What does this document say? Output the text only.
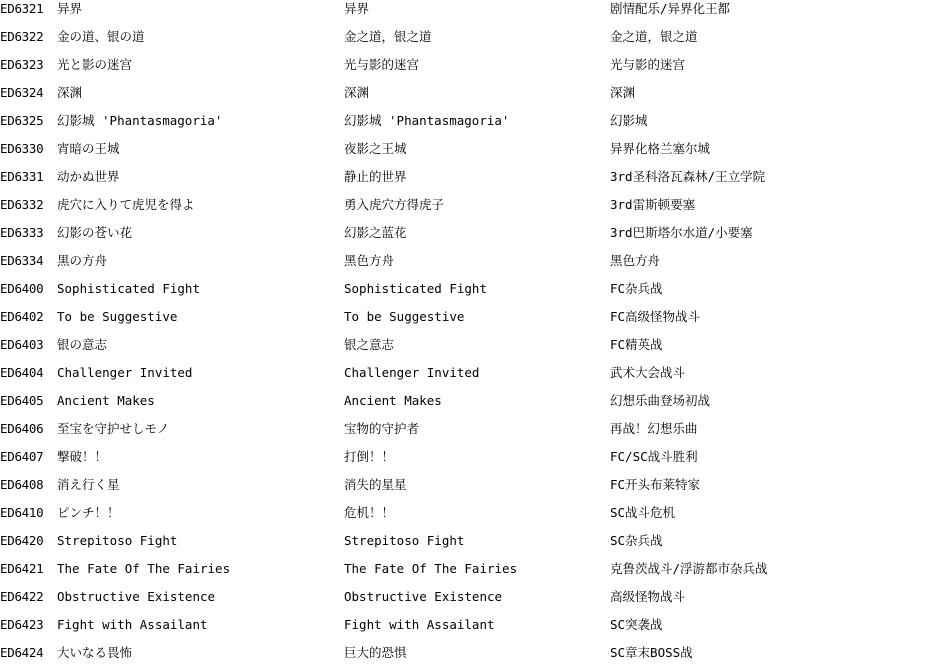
ED6321	异界	异界	剧情配乐/异界化王都
ED6322	金の道、银の道	金之道，银之道	金之道，银之道
ED6323	光と影の迷宫	光与影的迷宫	光与影的迷宫
ED6324	深渊	深渊	深渊
ED6325	幻影城 'Phantasmagoria'	幻影城 'Phantasmagoria'	幻影城
ED6330	宵暗の王城	夜影之王城	异界化格兰塞尔城
ED6331	动かぬ世界	静止的世界	3rd圣科洛瓦森林/王立学院
ED6332	虎穴に入りて虎児を得よ	勇入虎穴方得虎子	3rd雷斯顿要塞
ED6333	幻影の苍い花	幻影之蓝花	3rd巴斯塔尔水道/小要塞
ED6334	黒の方舟	黑色方舟	黑色方舟
ED6400	Sophisticated Fight	Sophisticated Fight	FC杂兵战
ED6402	To be Suggestive	To be Suggestive	FC高级怪物战斗
ED6403	银の意志	银之意志	FC精英战
ED6404	Challenger Invited	Challenger Invited	武术大会战斗
ED6405	Ancient Makes	Ancient Makes	幻想乐曲登场初战
ED6406	至宝を守护せしモノ	宝物的守护者	再战！幻想乐曲
ED6407	撃破！！	打倒！！	FC/SC战斗胜利
ED6408	消え行く星	消失的星星	FC开头布莱特家
ED6410	ピンチ！！	危机！！	SC战斗危机
ED6420	Strepitoso Fight	Strepitoso Fight	SC杂兵战
ED6421	The Fate Of The Fairies	The Fate Of The Fairies	克鲁茨战斗/浮游都市杂兵战
ED6422	Obstructive Existence	Obstructive Existence	高级怪物战斗
ED6423	Fight with Assailant	Fight with Assailant	SC突袭战
ED6424	大いなる畏怖	巨大的恐惧	SC章末BOSS战
